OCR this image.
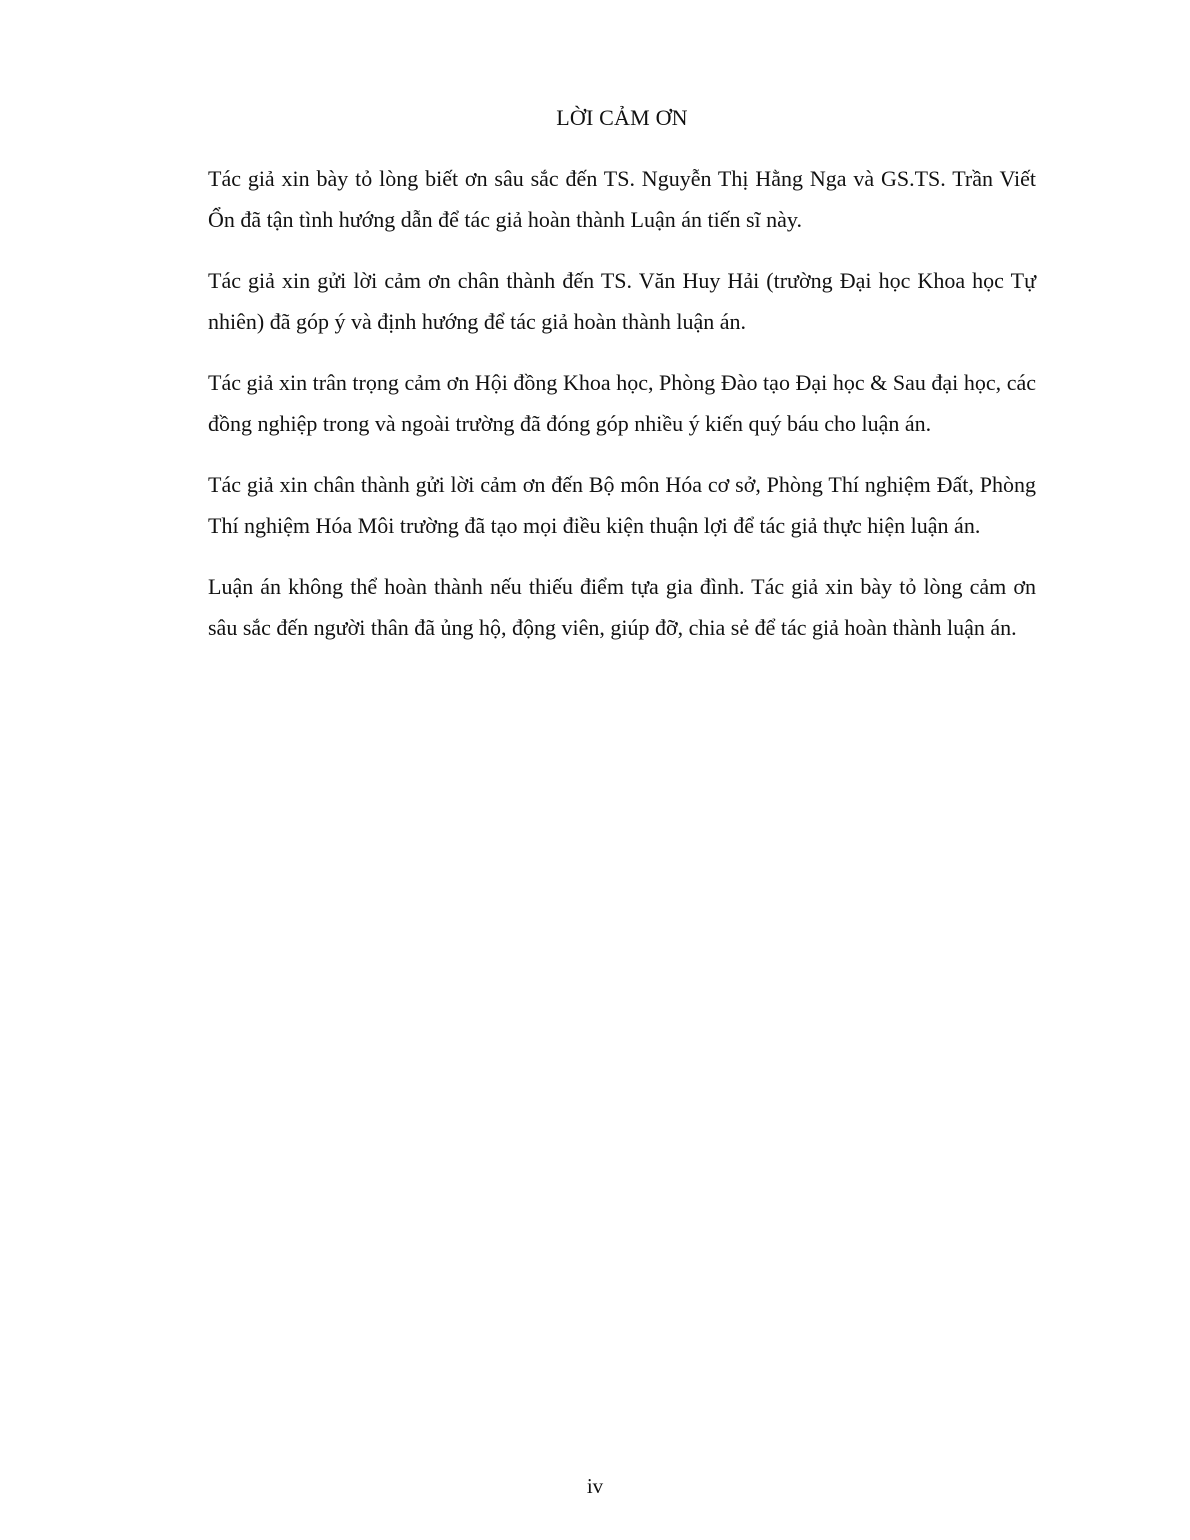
LỜI CẢM ƠN

Tác giả xin bày tỏ lòng biết ơn sâu sắc đến TS. Nguyễn Thị Hằng Nga và GS.TS. Trần Viết Ổn đã tận tình hướng dẫn để tác giả hoàn thành Luận án tiến sĩ này.

Tác giả xin gửi lời cảm ơn chân thành đến TS. Văn Huy Hải (trường Đại học Khoa học Tự nhiên) đã góp ý và định hướng để tác giả hoàn thành luận án.

Tác giả xin trân trọng cảm ơn Hội đồng Khoa học, Phòng Đào tạo Đại học & Sau đại học, các đồng nghiệp trong và ngoài trường đã đóng góp nhiều ý kiến quý báu cho luận án.

Tác giả xin chân thành gửi lời cảm ơn đến Bộ môn Hóa cơ sở, Phòng Thí nghiệm Đất, Phòng Thí nghiệm Hóa Môi trường đã tạo mọi điều kiện thuận lợi để tác giả thực hiện luận án.

Luận án không thể hoàn thành nếu thiếu điểm tựa gia đình. Tác giả xin bày tỏ lòng cảm ơn sâu sắc đến người thân đã ủng hộ, động viên, giúp đỡ, chia sẻ để tác giả hoàn thành luận án.

iv
